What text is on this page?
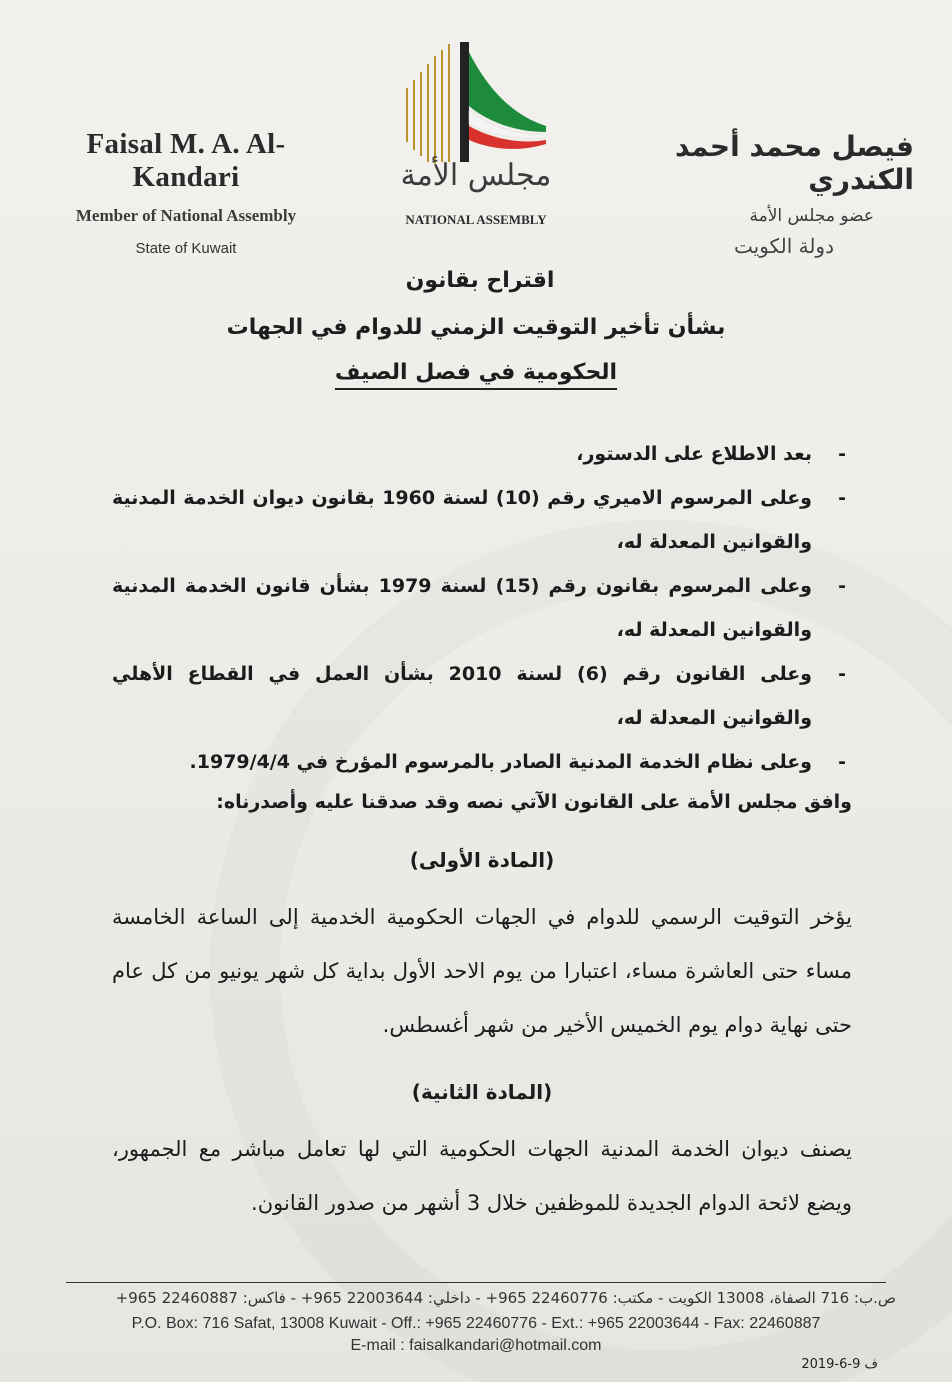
Faisal M. A. Al-Kandari
Member of National Assembly
State of Kuwait
مجلس الأمة
NATIONAL ASSEMBLY
فيصل محمد أحمد الكندري
عضو مجلس الأمة
دولة الكويت
اقتراح بقانون
بشأن تأخير التوقيت الزمني للدوام في الجهات
الحكومية في فصل الصيف
- بعد الاطلاع على الدستور،
- وعلى المرسوم الاميري رقم (10) لسنة 1960 بقانون ديوان الخدمة المدنية والقوانين المعدلة له،
- وعلى المرسوم بقانون رقم (15) لسنة 1979 بشأن قانون الخدمة المدنية والقوانين المعدلة له،
- وعلى القانون رقم (6) لسنة 2010 بشأن العمل في القطاع الأهلي والقوانين المعدلة له،
- وعلى نظام الخدمة المدنية الصادر بالمرسوم المؤرخ في 1979/4/4.
وافق مجلس الأمة على القانون الآتي نصه وقد صدقنا عليه وأصدرناه:
(المادة الأولى)
يؤخر التوقيت الرسمي للدوام في الجهات الحكومية الخدمية إلى الساعة الخامسة مساء حتى العاشرة مساء، اعتبارا من يوم الاحد الأول بداية كل شهر يونيو من كل عام حتى نهاية دوام يوم الخميس الأخير من شهر أغسطس.
(المادة الثانية)
يصنف ديوان الخدمة المدنية الجهات الحكومية التي لها تعامل مباشر مع الجمهور، ويضع لائحة الدوام الجديدة للموظفين خلال 3 أشهر من صدور القانون.
ص.ب: 716 الصفاة، 13008 الكويت - مكتب: 22460776 965+ - داخلي: 22003644 965+ - فاكس: 22460887 965+
P.O. Box: 716 Safat, 13008 Kuwait - Off.: +965 22460776 - Ext.: +965 22003644 - Fax: 22460887
E-mail : faisalkandari@hotmail.com
ف 9-6-2019
